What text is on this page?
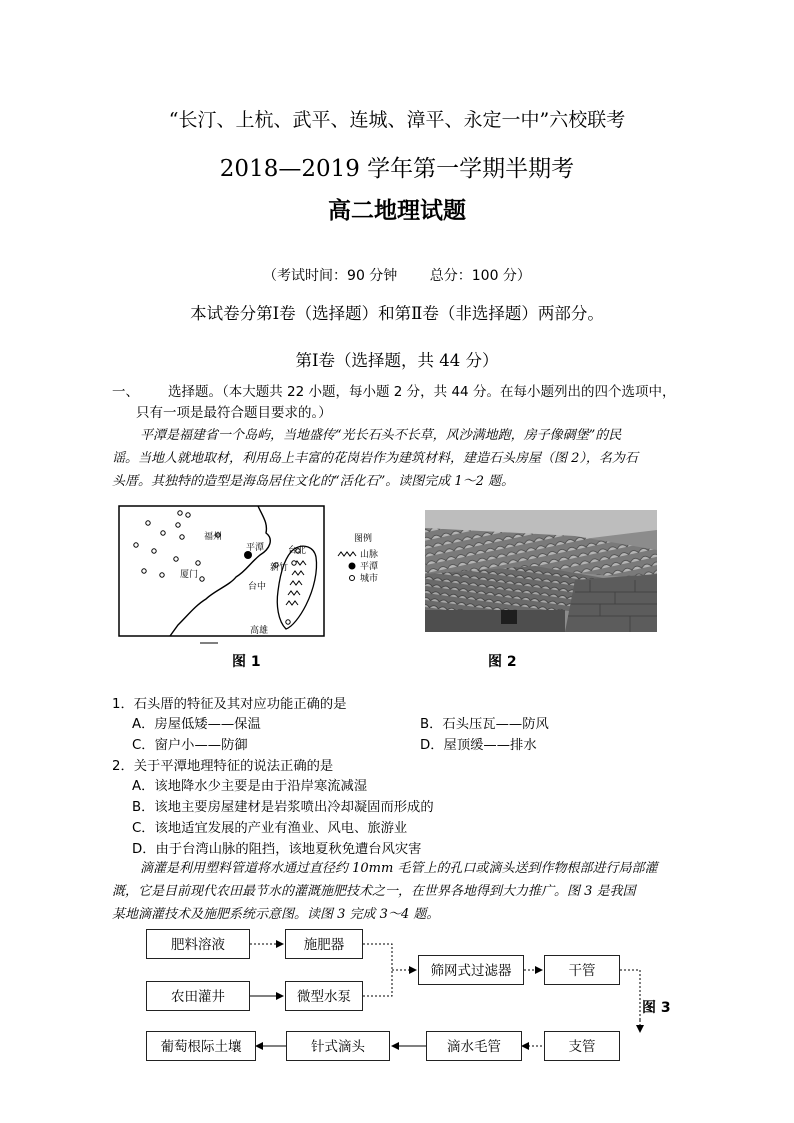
“长汀、上杭、武平、连城、漳平、永定一中”六校联考
2018—2019 学年第一学期半期考
高二地理试题
（考试时间：90 分钟 总分：100 分）
本试卷分第Ⅰ卷（选择题）和第Ⅱ卷（非选择题）两部分。
第Ⅰ卷（选择题，共 44 分）
一、	选择题。（本大题共 22 小题，每小题 2 分，共 44 分。在每小题列出的四个选项中，
只有一项是最符合题目要求的。）
平潭是福建省一个岛屿，当地盛传“光长石头不长草，风沙满地跑，房子像碉堡”的民
谣。当地人就地取材，利用岛上丰富的花岗岩作为建筑材料，建造石头房屋（图 2），名为石
头厝。其独特的造型是海岛居住文化的“活化石”。读图完成 1～2 题。
福州
平潭
厦门
台北
新竹
台中
高雄
图例
山脉
平潭
城市
图 1	图 2
1．石头厝的特征及其对应功能正确的是
A．房屋低矮——保温	B．石头压瓦——防风
C．窗户小——防御	D．屋顶缓——排水
2．关于平潭地理特征的说法正确的是
A．该地降水少主要是由于沿岸寒流减湿
B．该地主要房屋建材是岩浆喷出冷却凝固而形成的
C．该地适宜发展的产业有渔业、风电、旅游业
D．由于台湾山脉的阻挡，该地夏秋免遭台风灾害
滴灌是利用塑料管道将水通过直径约 10mm 毛管上的孔口或滴头送到作物根部进行局部灌
溉，它是目前现代农田最节水的灌溉施肥技术之一，在世界各地得到大力推广。图 3 是我国
某地滴灌技术及施肥系统示意图。读图 3 完成 3～4 题。
肥料溶液	施肥器
农田灌井	微型水泵
筛网式过滤器	干管
支管
滴水毛管
针式滴头
葡萄根际土壤
图 3
